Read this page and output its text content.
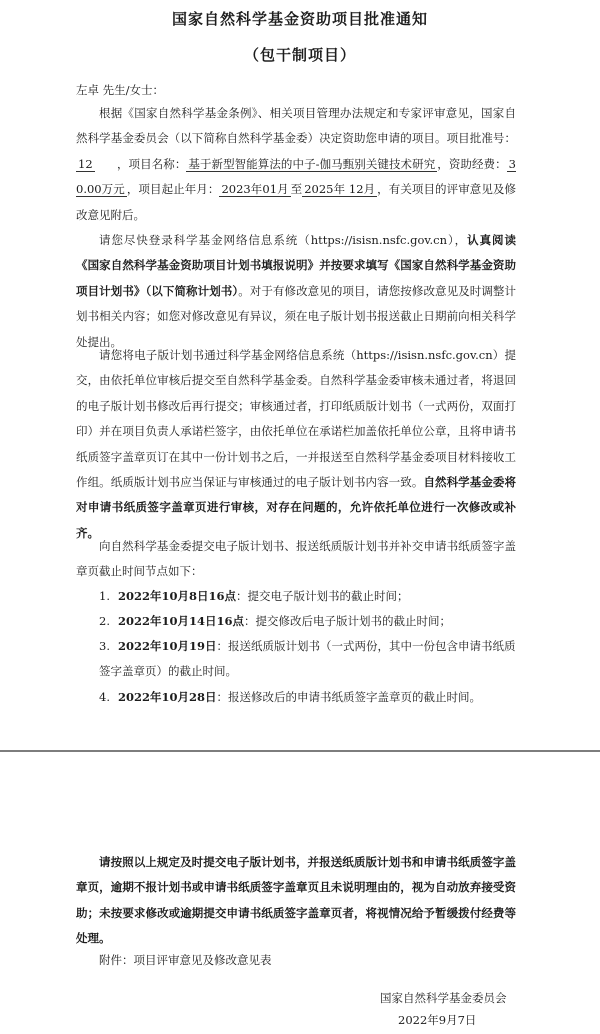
国家自然科学基金资助项目批准通知
（包干制项目）
左卓 先生/女士：
根据《国家自然科学基金条例》、相关项目管理办法规定和专家评审意见，国家自然科学基金委员会（以下简称自然科学基金委）决定资助您申请的项目。项目批准号：12 ，项目名称： 基于新型智能算法的中子-伽马甄别关键技术研究 ，资助经费： 30.00万元 ，项目起止年月： 2023年01月 至 2025年 12月 ，有关项目的评审意见及修改意见附后。
请您尽快登录科学基金网络信息系统（https://isisn.nsfc.gov.cn），认真阅读《国家自然科学基金资助项目计划书填报说明》并按要求填写《国家自然科学基金资助项目计划书》（以下简称计划书）。对于有修改意见的项目，请您按修改意见及时调整计划书相关内容；如您对修改意见有异议，须在电子版计划书报送截止日期前向相关科学处提出。
请您将电子版计划书通过科学基金网络信息系统（https://isisn.nsfc.gov.cn）提交，由依托单位审核后提交至自然科学基金委。自然科学基金委审核未通过者，将退回的电子版计划书修改后再行提交；审核通过者，打印纸质版计划书（一式两份，双面打印）并在项目负责人承诺栏签字，由依托单位在承诺栏加盖依托单位公章，且将申请书纸质签字盖章页订在其中一份计划书之后，一并报送至自然科学基金委项目材料接收工作组。纸质版计划书应当保证与审核通过的电子版计划书内容一致。自然科学基金委将对申请书纸质签字盖章页进行审核，对存在问题的，允许依托单位进行一次修改或补齐。
向自然科学基金委提交电子版计划书、报送纸质版计划书并补交申请书纸质签字盖章页截止时间节点如下：
1. 2022年10月8日16点：提交电子版计划书的截止时间；
2. 2022年10月14日16点：提交修改后电子版计划书的截止时间；
3. 2022年10月19日：报送纸质版计划书（一式两份，其中一份包含申请书纸质签字盖章页）的截止时间。
4. 2022年10月28日：报送修改后的申请书纸质签字盖章页的截止时间。
请按照以上规定及时提交电子版计划书，并报送纸质版计划书和申请书纸质签字盖章页，逾期不报计划书或申请书纸质签字盖章页且未说明理由的，视为自动放弃接受资助；未按要求修改或逾期提交申请书纸质签字盖章页者，将视情况给予暂缓拨付经费等处理。
附件：项目评审意见及修改意见表
国家自然科学基金委员会
2022年9月7日
